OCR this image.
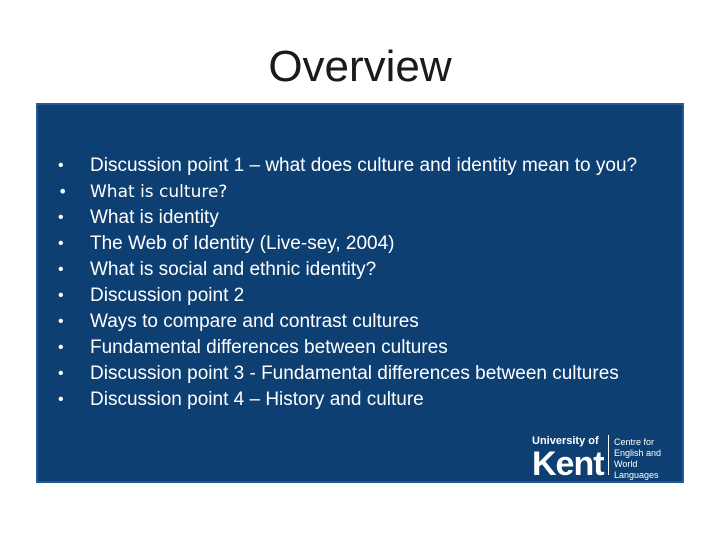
Overview
• Discussion point 1 – what does culture and identity mean to you?
• What is culture?
• What is identity
• The Web of Identity (Live-sey, 2004)
• What is social and ethnic identity?
• Discussion point 2
• Ways to compare and contrast cultures
• Fundamental differences between cultures
• Discussion point 3 - Fundamental differences between cultures
• Discussion point 4 – History and culture
University of
Kent
Centre for
English and
World Languages
